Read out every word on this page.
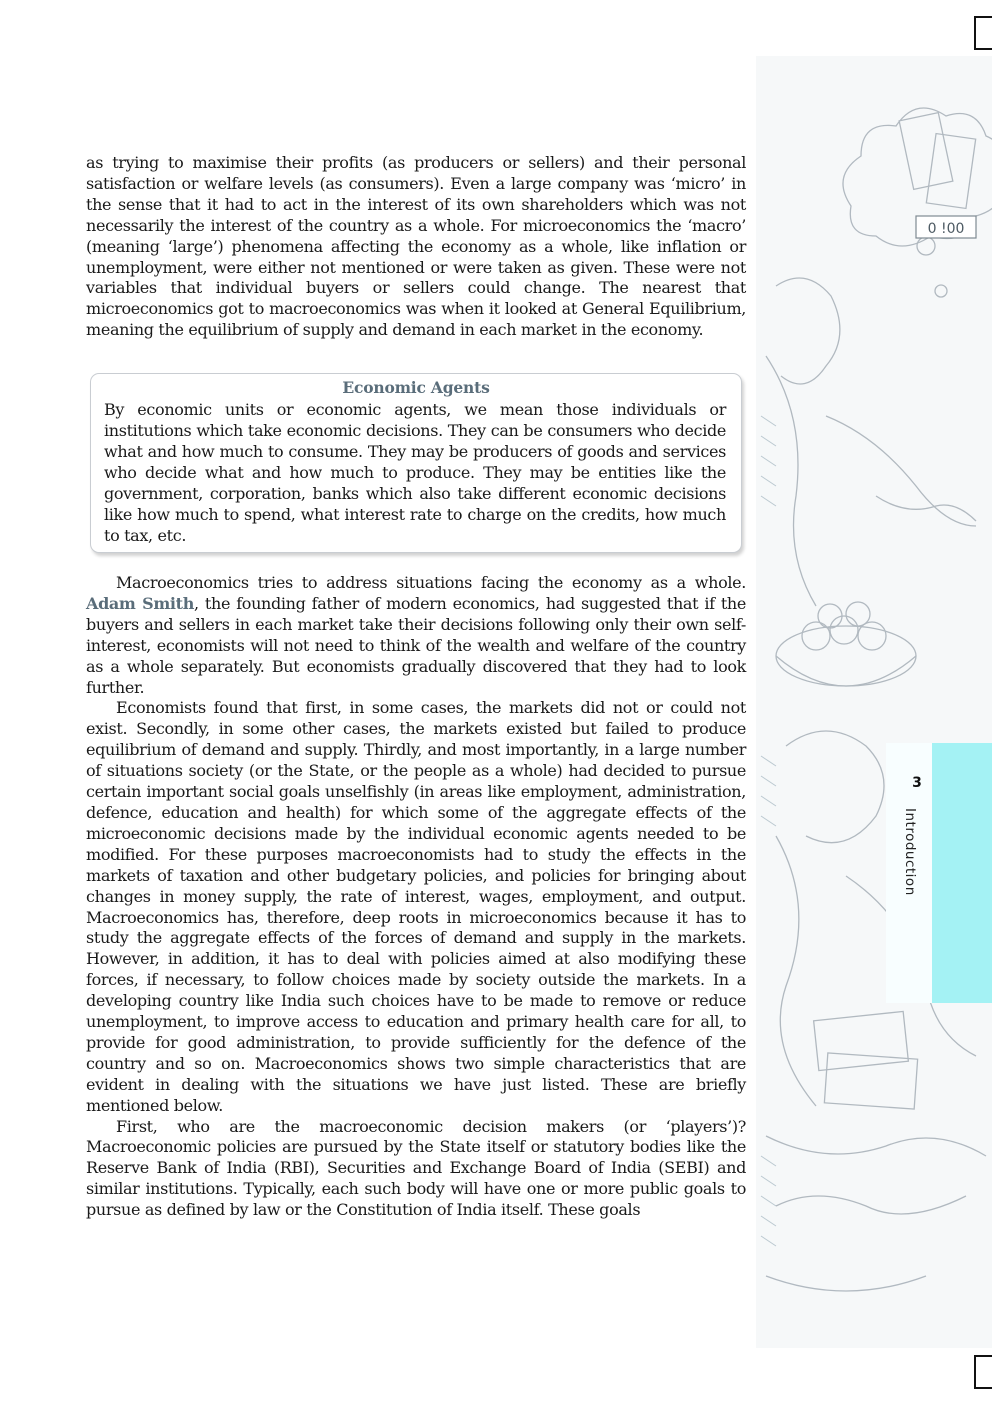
0 !00
3
Introduction

as trying to maximise their profits (as producers or sellers) and their personal satisfaction or welfare levels (as consumers). Even a large company was ‘micro’ in the sense that it had to act in the interest of its own shareholders which was not necessarily the interest of the country as a whole. For microeconomics the ‘macro’ (meaning ‘large’) phenomena affecting the economy as a whole, like inflation or unemployment, were either not mentioned or were taken as given. These were not variables that individual buyers or sellers could change. The nearest that microeconomics got to macroeconomics was when it looked at General Equilibrium, meaning the equilibrium of supply and demand in each market in the economy.

Economic Agents
By economic units or economic agents, we mean those individuals or institutions which take economic decisions. They can be consumers who decide what and how much to consume. They may be producers of goods and services who decide what and how much to produce. They may be entities like the government, corporation, banks which also take different economic decisions like how much to spend, what interest rate to charge on the credits, how much to tax, etc.

Macroeconomics tries to address situations facing the economy as a whole. Adam Smith, the founding father of modern economics, had suggested that if the buyers and sellers in each market take their decisions following only their own self-interest, economists will not need to think of the wealth and welfare of the country as a whole separately. But economists gradually discovered that they had to look further.

Economists found that first, in some cases, the markets did not or could not exist. Secondly, in some other cases, the markets existed but failed to produce equilibrium of demand and supply. Thirdly, and most importantly, in a large number of situations society (or the State, or the people as a whole) had decided to pursue certain important social goals unselfishly (in areas like employment, administration, defence, education and health) for which some of the aggregate effects of the microeconomic decisions made by the individual economic agents needed to be modified. For these purposes macroeconomists had to study the effects in the markets of taxation and other budgetary policies, and policies for bringing about changes in money supply, the rate of interest, wages, employment, and output. Macroeconomics has, therefore, deep roots in microeconomics because it has to study the aggregate effects of the forces of demand and supply in the markets. However, in addition, it has to deal with policies aimed at also modifying these forces, if necessary, to follow choices made by society outside the markets. In a developing country like India such choices have to be made to remove or reduce unemployment, to improve access to education and primary health care for all, to provide for good administration, to provide sufficiently for the defence of the country and so on. Macroeconomics shows two simple characteristics that are evident in dealing with the situations we have just listed. These are briefly mentioned below.

First, who are the macroeconomic decision makers (or ‘players’)? Macroeconomic policies are pursued by the State itself or statutory bodies like the Reserve Bank of India (RBI), Securities and Exchange Board of India (SEBI) and similar institutions. Typically, each such body will have one or more public goals to pursue as defined by law or the Constitution of India itself. These goals
